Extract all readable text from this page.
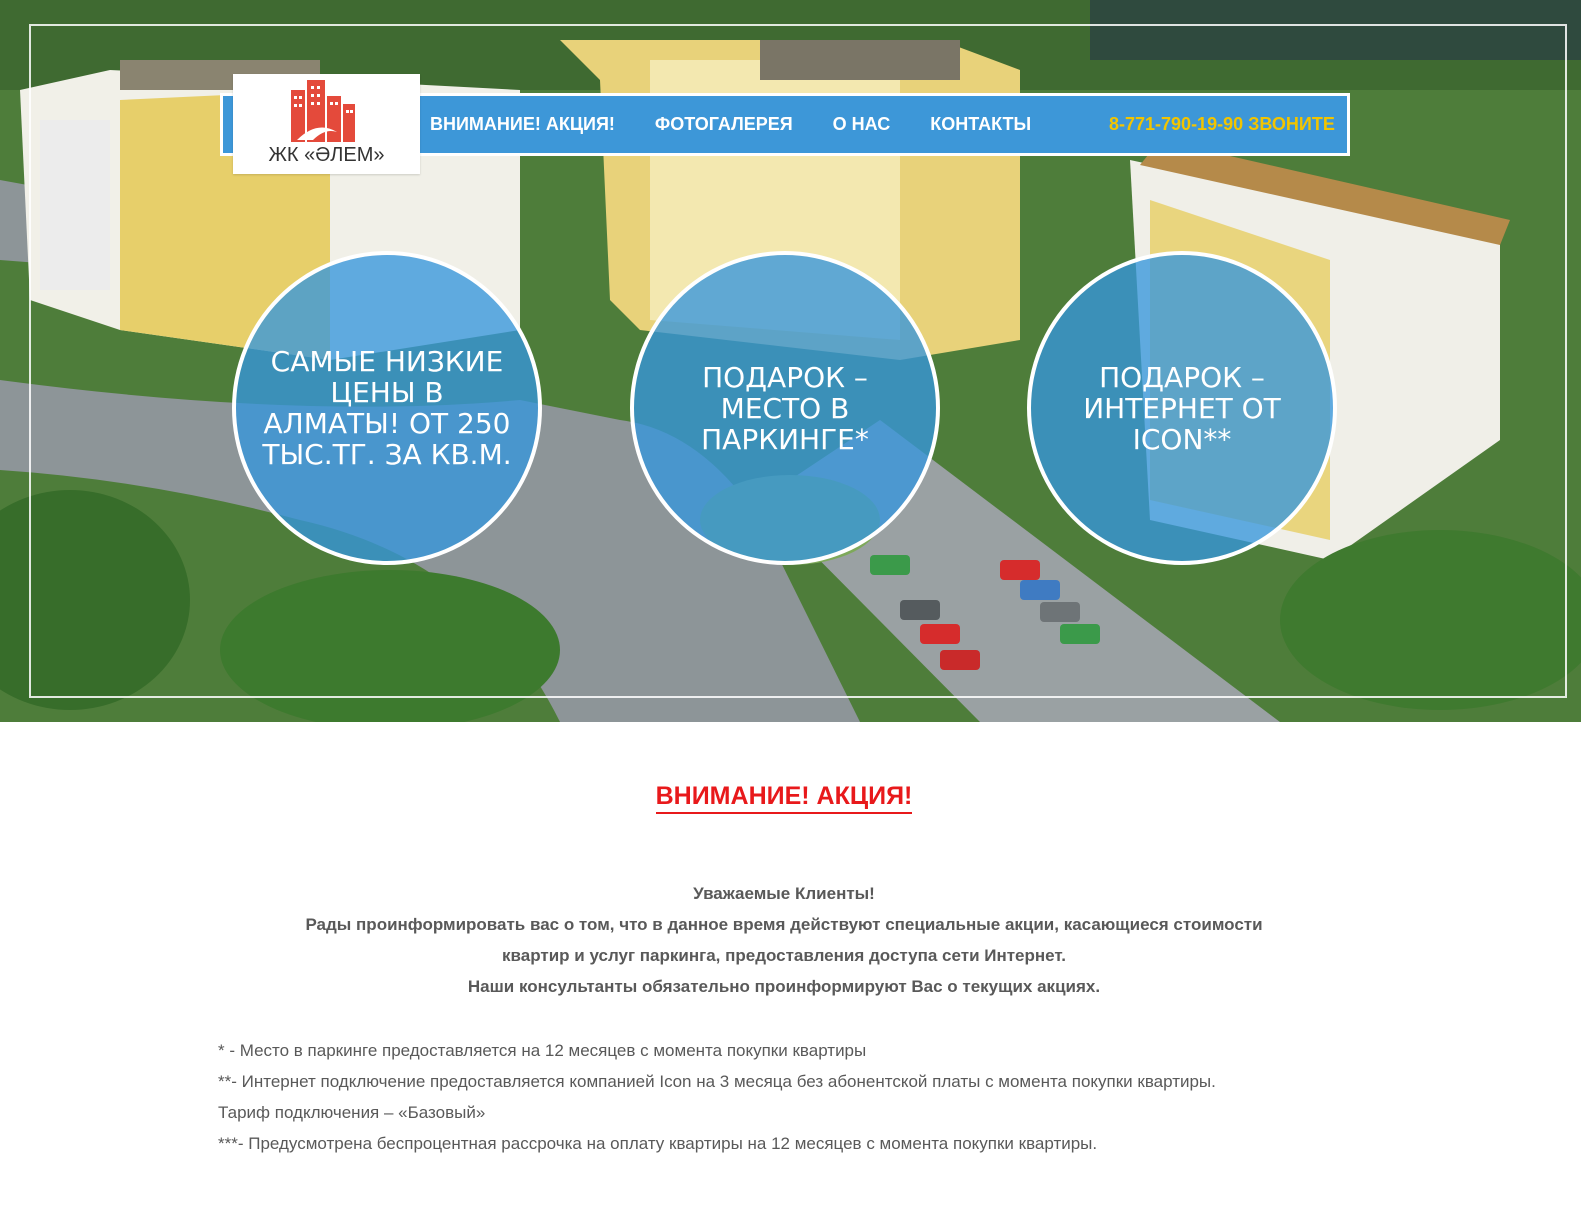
ЖК «ӘЛЕМ»
ВНИМАНИЕ! АКЦИЯ! ФОТОГАЛЕРЕЯ О НАС КОНТАКТЫ	8-771-790-19-90 ЗВОНИТЕ
САМЫЕ НИЗКИЕ ЦЕНЫ В АЛМАТЫ! ОТ 250 ТЫС.ТГ. ЗА КВ.М.
ПОДАРОК – МЕСТО В ПАРКИНГЕ*
ПОДАРОК – ИНТЕРНЕТ ОТ ICON**
ВНИМАНИЕ! АКЦИЯ!
Уважаемые Клиенты!
Рады проинформировать вас о том, что в данное время действуют специальные акции, касающиеся стоимости
квартир и услуг паркинга, предоставления доступа сети Интернет.
Наши консультанты обязательно проинформируют Вас о текущих акциях.
* - Место в паркинге предоставляется на 12 месяцев с момента покупки квартиры
**- Интернет подключение предоставляется компанией Icon на 3 месяца без абонентской платы с момента покупки квартиры.
Тариф подключения – «Базовый»
***- Предусмотрена беспроцентная рассрочка на оплату квартиры на 12 месяцев с момента покупки квартиры.
